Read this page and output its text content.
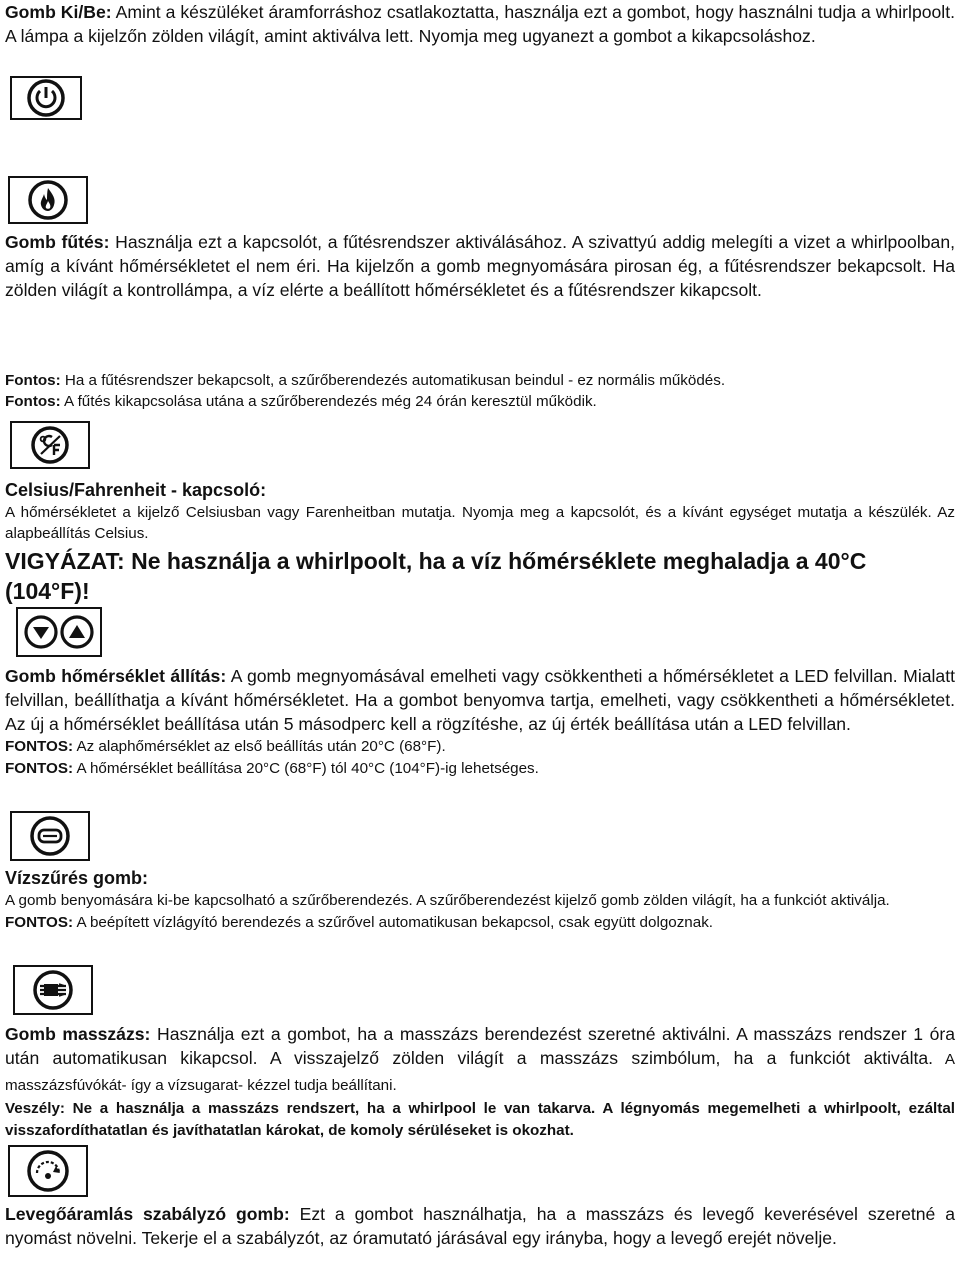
Gomb Ki/Be: Amint a készüléket áramforráshoz csatlakoztatta, használja ezt a gombot, hogy használni tudja a whirlpoolt. A lámpa a kijelzőn zölden világít, amint aktiválva lett. Nyomja meg ugyanezt a gombot a kikapcsoláshoz.

Gomb fűtés: Használja ezt a kapcsolót, a fűtésrendszer aktiválásához. A szivattyú addig melegíti a vizet a whirlpoolban, amíg a kívánt hőmérsékletet el nem éri. Ha kijelzőn a gomb megnyomására pirosan ég, a fűtésrendszer bekapcsolt. Ha zölden világít a kontrollámpa, a víz elérte a beállított hőmérsékletet és a fűtésrendszer kikapcsolt.

Fontos: Ha a fűtésrendszer bekapcsolt, a szűrőberendezés automatikusan beindul - ez normális működés.

Fontos: A fűtés kikapcsolása utána a szűrőberendezés még 24 órán keresztül működik.

Celsius/Fahrenheit - kapcsoló:

A hőmérsékletet a kijelző Celsiusban vagy Farenheitban mutatja. Nyomja meg a kapcsolót, és a kívánt egységet mutatja a készülék. Az alapbeállítás Celsius.

VIGYÁZAT: Ne használja a whirlpoolt, ha a víz hőmérséklete meghaladja a 40°C (104°F)!

Gomb hőmérséklet állítás: A gomb megnyomásával emelheti vagy csökkentheti a hőmérsékletet a LED felvillan. Mialatt felvillan, beállíthatja a kívánt hőmérsékletet. Ha a gombot benyomva tartja, emelheti, vagy csökkentheti a hőmérsékletet. Az új a hőmérséklet beállítása után 5 másodperc kell a rögzítéshe, az új érték beállítása után a LED felvillan.

FONTOS: Az alaphőmérséklet az első beállítás után 20°C (68°F).

FONTOS: A hőmérséklet beállítása 20°C (68°F) tól 40°C (104°F)-ig lehetséges.

Vízszűrés gomb:

A gomb benyomására ki-be kapcsolható a szűrőberendezés. A szűrőberendezést kijelző gomb zölden világít, ha a funkciót aktiválja.

FONTOS: A beépített vízlágyító berendezés a szűrővel automatikusan bekapcsol, csak együtt dolgoznak.

Gomb masszázs: Használja ezt a gombot, ha a masszázs berendezést szeretné aktiválni. A masszázs rendszer 1 óra után automatikusan kikapcsol. A visszajelző zölden világít a masszázs szimbólum, ha a funkciót aktiválta. A masszázsfúvókát- így a vízsugarat- kézzel tudja beállítani.

Veszély: Ne a használja a masszázs rendszert, ha a whirlpool le van takarva. A légnyomás megemelheti a whirlpoolt, ezáltal visszafordíthatatlan és javíthatatlan károkat, de komoly sérüléseket is okozhat.

Levegőáramlás szabályzó gomb: Ezt a gombot használhatja, ha a masszázs és levegő keverésével szeretné a nyomást növelni. Tekerje el a szabályzót, az óramutató járásával egy irányba, hogy a levegő erejét növelje.
